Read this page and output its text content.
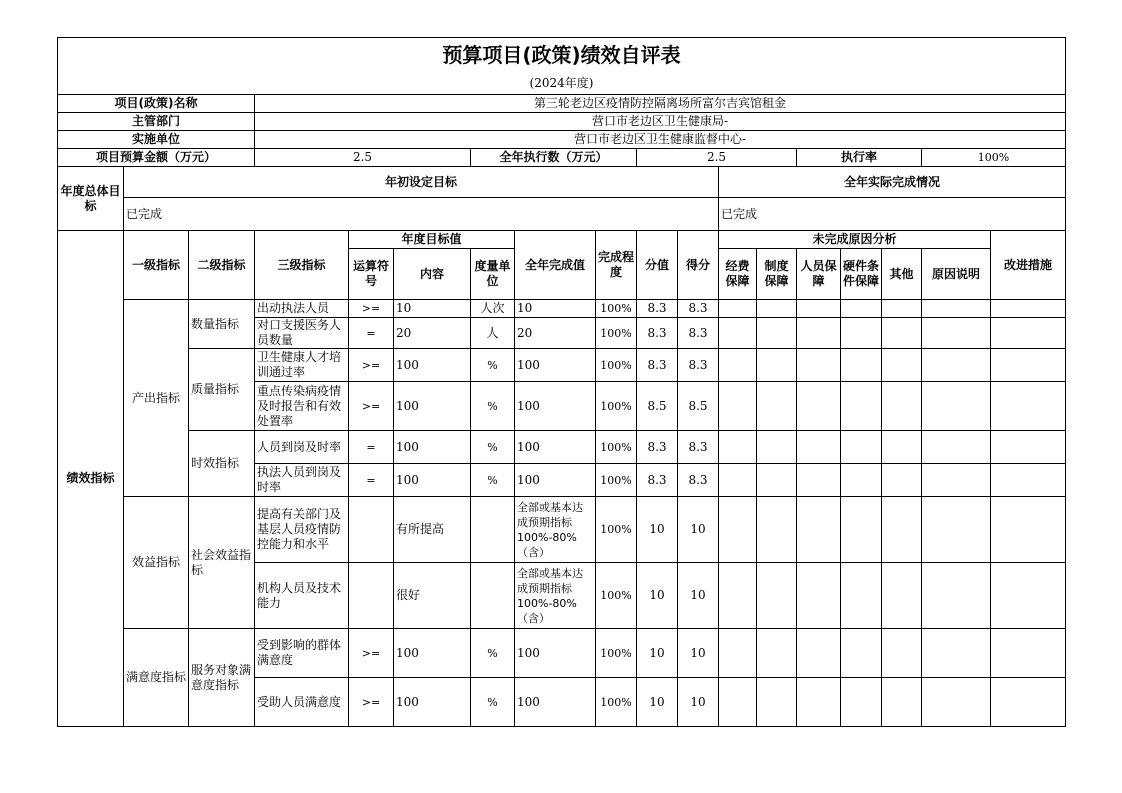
预算项目(政策)绩效自评表																	
(2024年度)																	
项目(政策)名称			第三轮老边区疫情防控隔离场所富尔吉宾馆租金														
主管部门			营口市老边区卫生健康局-														
实施单位			营口市老边区卫生健康监督中心-														
项目预算金额（万元）			2.5			全年执行数（万元）			2.5				执行率			100%	
年度总体目标	年初设定目标										全年实际完成情况						
	已完成										已完成						
绩效指标	一级指标	二级指标	三级指标	年度目标值			全年完成值	完成程度	分值	得分	未完成原因分析						改进措施
				运算符号	内容	度量单位					经费保障	制度保障	人员保障	硬件条件保障	其他	原因说明	
	产出指标	数量指标	出动执法人员	>=	10	人次	10	100%	8.3	8.3							
			对口支援医务人员数量	=	20	人	20	100%	8.3	8.3							
		质量指标	卫生健康人才培训通过率	>=	100	%	100	100%	8.3	8.3							
			重点传染病疫情及时报告和有效处置率	>=	100	%	100	100%	8.5	8.5							
		时效指标	人员到岗及时率	=	100	%	100	100%	8.3	8.3							
			执法人员到岗及时率	=	100	%	100	100%	8.3	8.3							
	效益指标	社会效益指标	提高有关部门及基层人员疫情防控能力和水平		有所提高		全部或基本达成预期指标100%-80%（含）	100%	10	10							
			机构人员及技术能力		很好		全部或基本达成预期指标100%-80%（含）	100%	10	10							
	满意度指标	服务对象满意度指标	受到影响的群体满意度	>=	100	%	100	100%	10	10							
			受助人员满意度	>=	100	%	100	100%	10	10							
